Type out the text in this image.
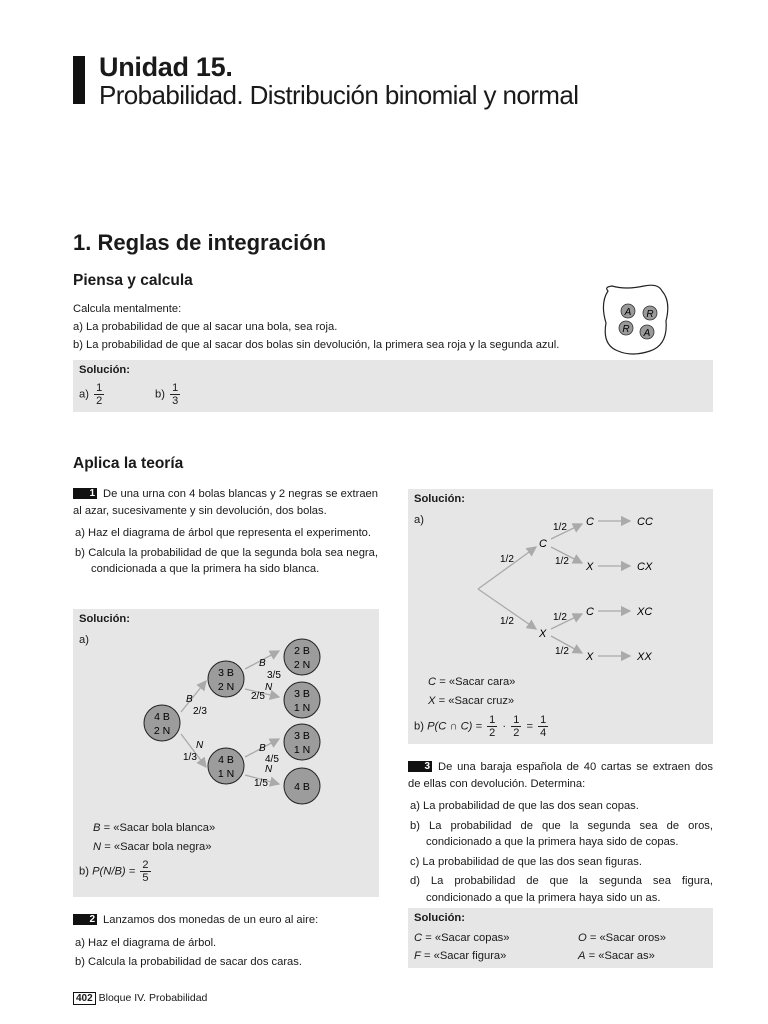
Unidad 15.
Probabilidad. Distribución binomial y normal
1. Reglas de integración
Piensa y calcula
Calcula mentalmente:
a) La probabilidad de que al sacar una bola, sea roja.
b) La probabilidad de que al sacar dos bolas sin devolución, la primera sea roja y la segunda azul.
A R
R A
Solución:
$a) \frac{1}{2}$	$b) \frac{1}{3}$
Aplica la teoría
1 De una urna con 4 bolas blancas y 2 negras se extraen al azar, sucesivamente y sin devolución, dos bolas.
a) Haz el diagrama de árbol que representa el experimento.
b) Calcula la probabilidad de que la segunda bola sea negra, condicionada a que la primera ha sido blanca.
Solución:
a)
4 B
2 N
3 B
2 N
4 B
1 N
2 B
2 N
3 B
1 N
3 B
1 N
4 B
B
2/3
N
1/3
B
3/5
N
2/5
B
4/5
N
1/5
B = «Sacar bola blanca»
N = «Sacar bola negra»
b) $P(N/B) = \frac{2}{5}$
2 Lanzamos dos monedas de un euro al aire:
a) Haz el diagrama de árbol.
b) Calcula la probabilidad de sacar dos caras.
Solución:
a)
C
X
1/2
1/2
1/2
1/2
1/2
1/2
C
X
C
X
CC
CX
XC
XX
C = «Sacar cara»
X = «Sacar cruz»
b) P(C ∩ $C) = \frac{1}{2} \cdot \frac{1}{2} = \frac{1}{4}$
3 De una baraja española de 40 cartas se extraen dos de ellas con devolución. Determina:
a) La probabilidad de que las dos sean copas.
b) La probabilidad de que la segunda sea de oros, condicionado a que la primera haya sido de copas.
c) La probabilidad de que las dos sean figuras.
d) La probabilidad de que la segunda sea figura, condicionado a que la primera haya sido un as.
Solución:
C = «Sacar copas»	O = «Sacar oros»
F = «Sacar figura»	A = «Sacar as»
402 Bloque IV. Probabilidad
